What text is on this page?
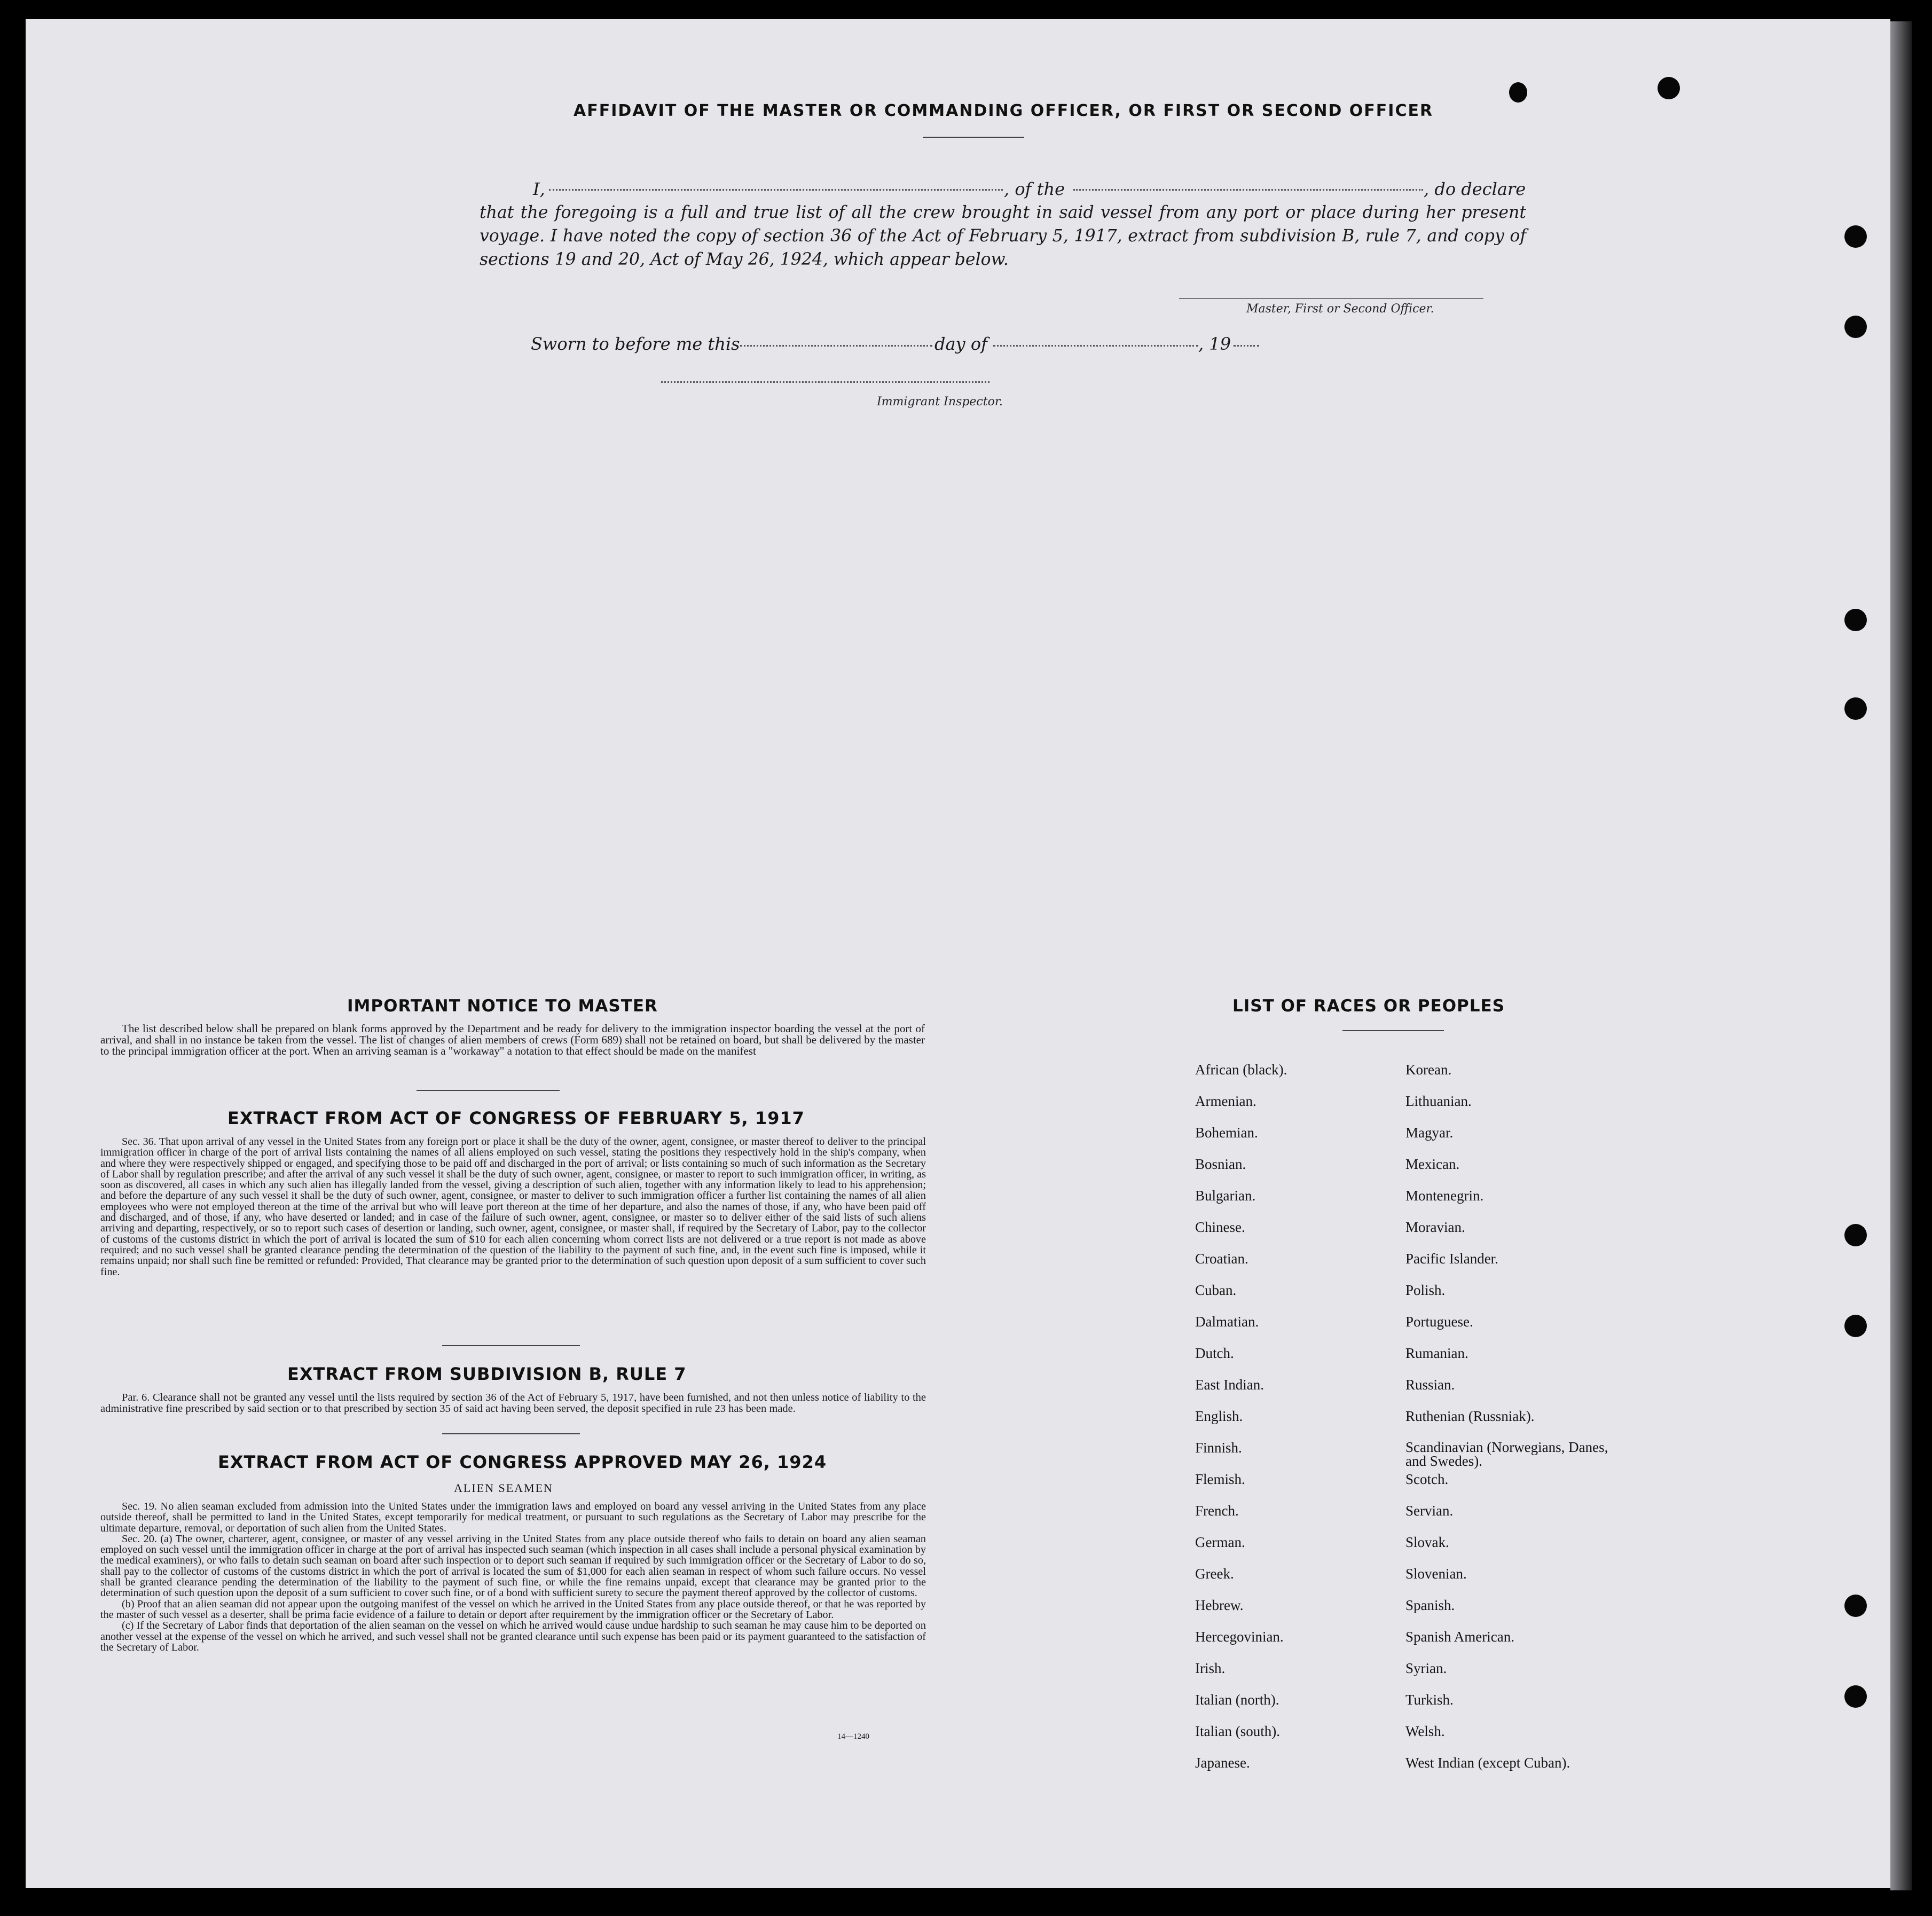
AFFIDAVIT OF THE MASTER OR COMMANDING OFFICER, OR FIRST OR SECOND OFFICER
I,	, of the	, do declare
that the foregoing is a full and true list of all the crew brought in said vessel from any port or place during her present voyage. I have noted the copy of section 36 of the Act of February 5, 1917, extract from subdivision B, rule 7, and copy of sections 19 and 20, Act of May 26, 1924, which appear below.
Master, First or Second Officer.
Sworn to before me this	day of	, 19
Immigrant Inspector.
IMPORTANT NOTICE TO MASTER

The list described below shall be prepared on blank forms approved by the Department and be ready for delivery to the immigration inspector boarding the vessel at the port of arrival, and shall in no instance be taken from the vessel. The list of changes of alien members of crews (Form 689) shall not be retained on board, but shall be delivered by the master to the principal immigration officer at the port. When an arriving seaman is a "workaway" a notation to that effect should be made on the manifest

EXTRACT FROM ACT OF CONGRESS OF FEBRUARY 5, 1917

Sec. 36. That upon arrival of any vessel in the United States from any foreign port or place it shall be the duty of the owner, agent, consignee, or master thereof to deliver to the principal immigration officer in charge of the port of arrival lists containing the names of all aliens employed on such vessel, stating the positions they respectively hold in the ship's company, when and where they were respectively shipped or engaged, and specifying those to be paid off and discharged in the port of arrival; or lists containing so much of such information as the Secretary of Labor shall by regulation prescribe; and after the arrival of any such vessel it shall be the duty of such owner, agent, consignee, or master to report to such immigration officer, in writing, as soon as discovered, all cases in which any such alien has illegally landed from the vessel, giving a description of such alien, together with any information likely to lead to his apprehension; and before the departure of any such vessel it shall be the duty of such owner, agent, consignee, or master to deliver to such immigration officer a further list containing the names of all alien employees who were not employed thereon at the time of the arrival but who will leave port thereon at the time of her departure, and also the names of those, if any, who have been paid off and discharged, and of those, if any, who have deserted or landed; and in case of the failure of such owner, agent, consignee, or master so to deliver either of the said lists of such aliens arriving and departing, respectively, or so to report such cases of desertion or landing, such owner, agent, consignee, or master shall, if required by the Secretary of Labor, pay to the collector of customs of the customs district in which the port of arrival is located the sum of $10 for each alien concerning whom correct lists are not delivered or a true report is not made as above required; and no such vessel shall be granted clearance pending the determination of the question of the liability to the payment of such fine, and, in the event such fine is imposed, while it remains unpaid; nor shall such fine be remitted or refunded: Provided, That clearance may be granted prior to the determination of such question upon deposit of a sum sufficient to cover such fine.

EXTRACT FROM SUBDIVISION B, RULE 7

Par. 6. Clearance shall not be granted any vessel until the lists required by section 36 of the Act of February 5, 1917, have been furnished, and not then unless notice of liability to the administrative fine prescribed by said section or to that prescribed by section 35 of said act having been served, the deposit specified in rule 23 has been made.

EXTRACT FROM ACT OF CONGRESS APPROVED MAY 26, 1924
ALIEN SEAMEN

Sec. 19. No alien seaman excluded from admission into the United States under the immigration laws and employed on board any vessel arriving in the United States from any place outside thereof, shall be permitted to land in the United States, except temporarily for medical treatment, or pursuant to such regulations as the Secretary of Labor may prescribe for the ultimate departure, removal, or deportation of such alien from the United States.

Sec. 20. (a) The owner, charterer, agent, consignee, or master of any vessel arriving in the United States from any place outside thereof who fails to detain on board any alien seaman employed on such vessel until the immigration officer in charge at the port of arrival has inspected such seaman (which inspection in all cases shall include a personal physical examination by the medical examiners), or who fails to detain such seaman on board after such inspection or to deport such seaman if required by such immigration officer or the Secretary of Labor to do so, shall pay to the collector of customs of the customs district in which the port of arrival is located the sum of $1,000 for each alien seaman in respect of whom such failure occurs. No vessel shall be granted clearance pending the determination of the liability to the payment of such fine, or while the fine remains unpaid, except that clearance may be granted prior to the determination of such question upon the deposit of a sum sufficient to cover such fine, or of a bond with sufficient surety to secure the payment thereof approved by the collector of customs.

(b) Proof that an alien seaman did not appear upon the outgoing manifest of the vessel on which he arrived in the United States from any place outside thereof, or that he was reported by the master of such vessel as a deserter, shall be prima facie evidence of a failure to detain or deport after requirement by the immigration officer or the Secretary of Labor.

(c) If the Secretary of Labor finds that deportation of the alien seaman on the vessel on which he arrived would cause undue hardship to such seaman he may cause him to be deported on another vessel at the expense of the vessel on which he arrived, and such vessel shall not be granted clearance until such expense has been paid or its payment guaranteed to the satisfaction of the Secretary of Labor.

14—1240
LIST OF RACES OR PEOPLES
African (black).	Korean.
Armenian.	Lithuanian.
Bohemian.	Magyar.
Bosnian.	Mexican.
Bulgarian.	Montenegrin.
Chinese.	Moravian.
Croatian.	Pacific Islander.
Cuban.	Polish.
Dalmatian.	Portuguese.
Dutch.	Rumanian.
East Indian.	Russian.
English.	Ruthenian (Russniak).
Finnish.	Scandinavian (Norwegians, Danes, and Swedes).
Flemish.	Scotch.
French.	Servian.
German.	Slovak.
Greek.	Slovenian.
Hebrew.	Spanish.
Hercegovinian.	Spanish American.
Irish.	Syrian.
Italian (north).	Turkish.
Italian (south).	Welsh.
Japanese.	West Indian (except Cuban).
